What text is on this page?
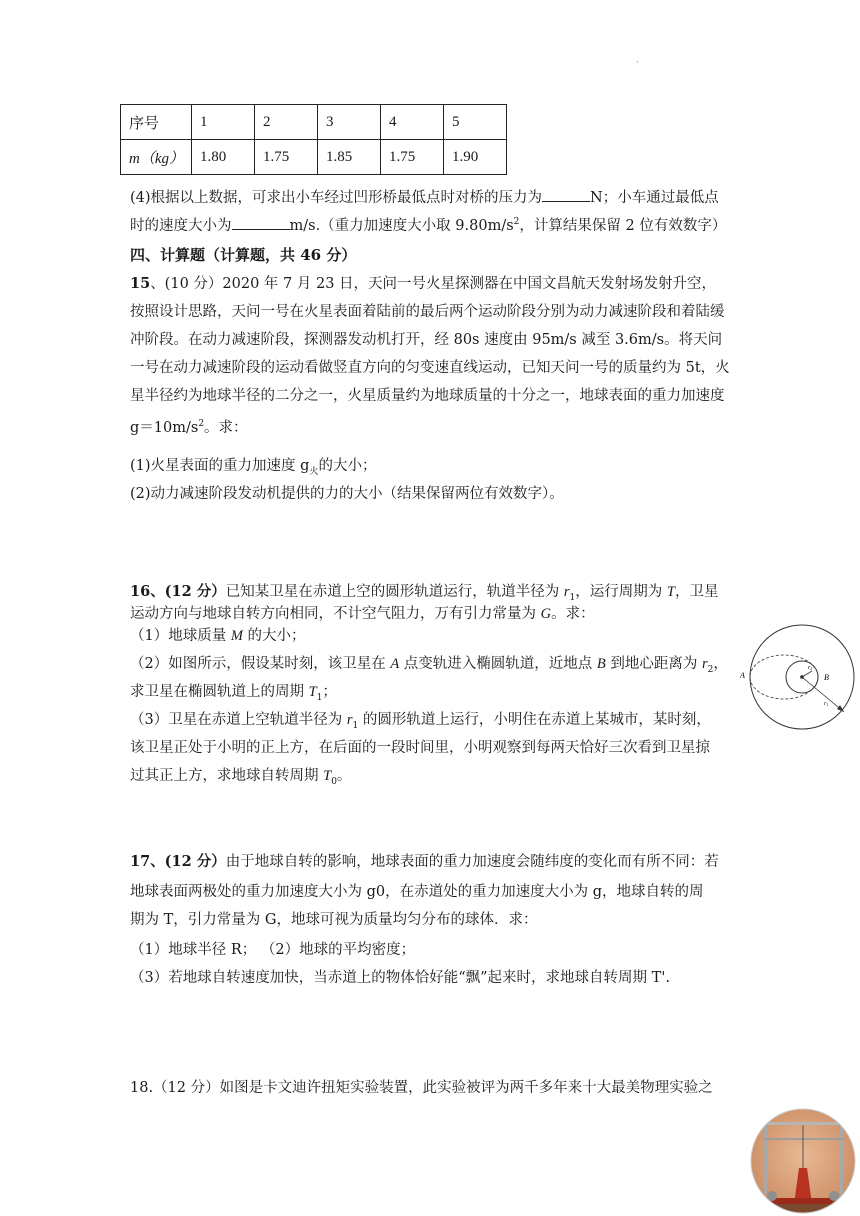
·
序号	1	2	3	4	5
m（kg）	1.80	1.75	1.85	1.75	1.90
(4)根据以上数据，可求出小车经过凹形桥最低点时对桥的压力为	N；小车通过最低点
时的速度大小为	m/s.（重力加速度大小取 $9.80m/s^2$，计算结果保留 2 位有效数字）
四、计算题（计算题，共 46 分）
15、(10 分）2020 年 7 月 23 日，天问一号火星探测器在中国文昌航天发射场发射升空，按照设计思路，天问一号在火星表面着陆前的最后两个运动阶段分别为动力减速阶段和着陆缓冲阶段。在动力减速阶段，探测器发动机打开，经 80s 速度由 95m/s 减至 3.6m/s。将天问一号在动力减速阶段的运动看做竖直方向的匀变速直线运动，已知天问一号的质量约为 5t，火星半径约为地球半径的二分之一，火星质量约为地球质量的十分之一，地球表面的重力加速度 $g=10m/s^2$。求：
(1)火星表面的重力加速度 $g_火$的大小；
(2)动力减速阶段发动机提供的力的大小（结果保留两位有效数字）。
16、(12 分）已知某卫星在赤道上空的圆形轨道运行，轨道半径为 $r_1$，运行周期为 T，卫星
运动方向与地球自转方向相同，不计空气阻力，万有引力常量为 G。求：
（1）地球质量 M 的大小；
（2）如图所示，假设某时刻，该卫星在 A 点变轨进入椭圆轨道，近地点 B 到地心距离为 $r_2$，
求卫星在椭圆轨道上的周期 $T_1$；
（3）卫星在赤道上空轨道半径为 $r_1$ 的圆形轨道上运行，小明住在赤道上某城市，某时刻，
该卫星正处于小明的正上方，在后面的一段时间里，小明观察到每两天恰好三次看到卫星掠
过其正上方，求地球自转周期 $T_0$。
A	B
r2
r1
17、(12 分）由于地球自转的影响，地球表面的重力加速度会随纬度的变化而有所不同：若
地球表面两极处的重力加速度大小为 g0，在赤道处的重力加速度大小为 g，地球自转的周
期为 T，引力常量为 G，地球可视为质量均匀分布的球体．求：
（1）地球半径 R； （2）地球的平均密度；
（3）若地球自转速度加快，当赤道上的物体恰好能“飘”起来时，求地球自转周期 T'.
18.（12 分）如图是卡文迪许扭矩实验装置，此实验被评为两千多年来十大最美物理实验之
